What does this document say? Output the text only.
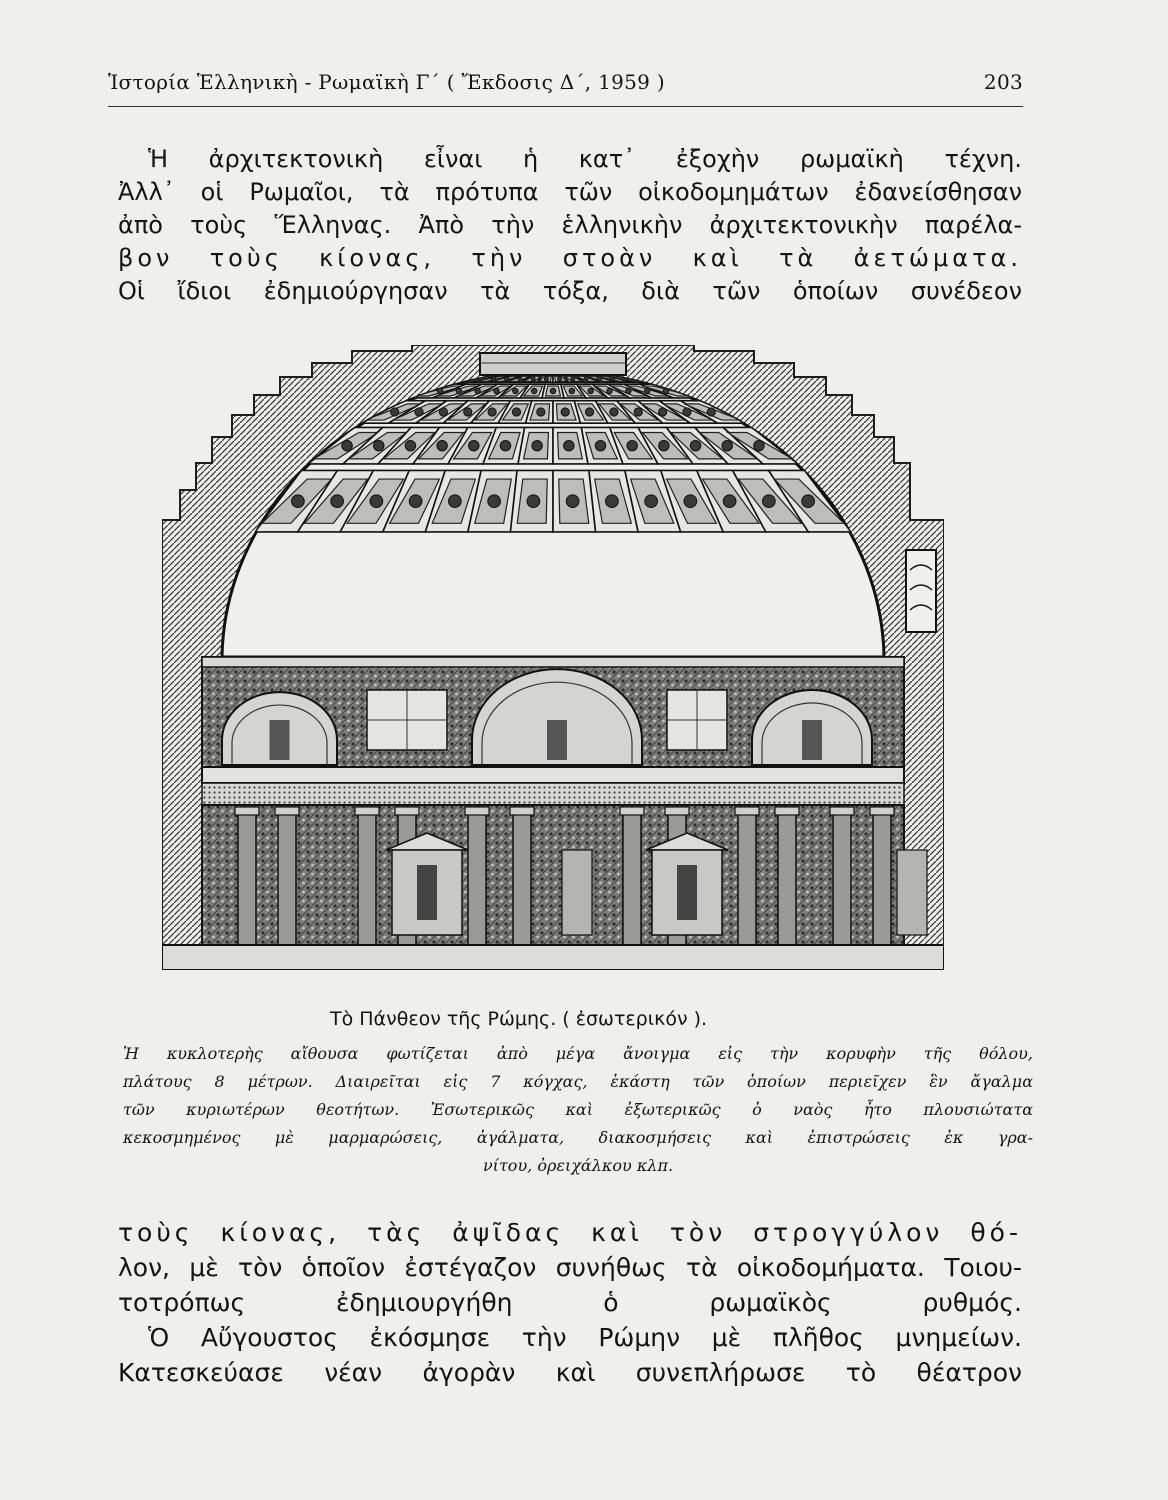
Ἱστορία Ἑλληνικὴ - Ρωμαϊκὴ Γ΄ ( Ἔκδοσις Δ΄, 1959 )	203
Ἡ ἀρχιτεκτονικὴ εἶναι ἡ κατ᾽ ἐξοχὴν ρωμαϊκὴ τέχνη.
Ἀλλ᾽ οἱ Ρωμαῖοι, τὰ πρότυπα τῶν οἰκοδομημάτων ἐδανείσθησαν
ἀπὸ τοὺς Ἕλληνας. Ἀπὸ τὴν ἑλληνικὴν ἀρχιτεκτονικὴν παρέλα-
βον τοὺς κίονας, τὴν στοὰν καὶ τὰ ἀετώματα.
Οἱ ἴδιοι ἐδημιούργησαν τὰ τόξα, διὰ τῶν ὁποίων συνέδεον
Τὸ Πάνθεον τῆς Ρώμης. ( ἐσωτερικόν ).
Ἡ κυκλοτερὴς αἴθουσα φωτίζεται ἀπὸ μέγα ἄνοιγμα εἰς τὴν κορυφὴν τῆς θόλου,
πλάτους 8 μέτρων. Διαιρεῖται εἰς 7 κόγχας, ἑκάστη τῶν ὁποίων περιεῖχεν ἓν ἄγαλμα
τῶν κυριωτέρων θεοτήτων. Ἐσωτερικῶς καὶ ἐξωτερικῶς ὁ ναὸς ἦτο πλουσιώτατα
κεκοσμημένος μὲ μαρμαρώσεις, ἀγάλματα, διακοσμήσεις καὶ ἐπιστρώσεις ἐκ γρα-
νίτου, ὀρειχάλκου κλπ.
τοὺς κίονας, τὰς ἀψῖδας καὶ τὸν στρογγύλον θό-
λον, μὲ τὸν ὁποῖον ἐστέγαζον συνήθως τὰ οἰκοδομήματα. Τοιου-
τοτρόπως ἐδημιουργήθη ὁ ρωμαϊκὸς ρυθμός.
Ὁ Αὔγουστος ἐκόσμησε τὴν Ρώμην μὲ πλῆθος μνημείων.
Κατεσκεύασε νέαν ἀγορὰν καὶ συνεπλήρωσε τὸ θέατρον
